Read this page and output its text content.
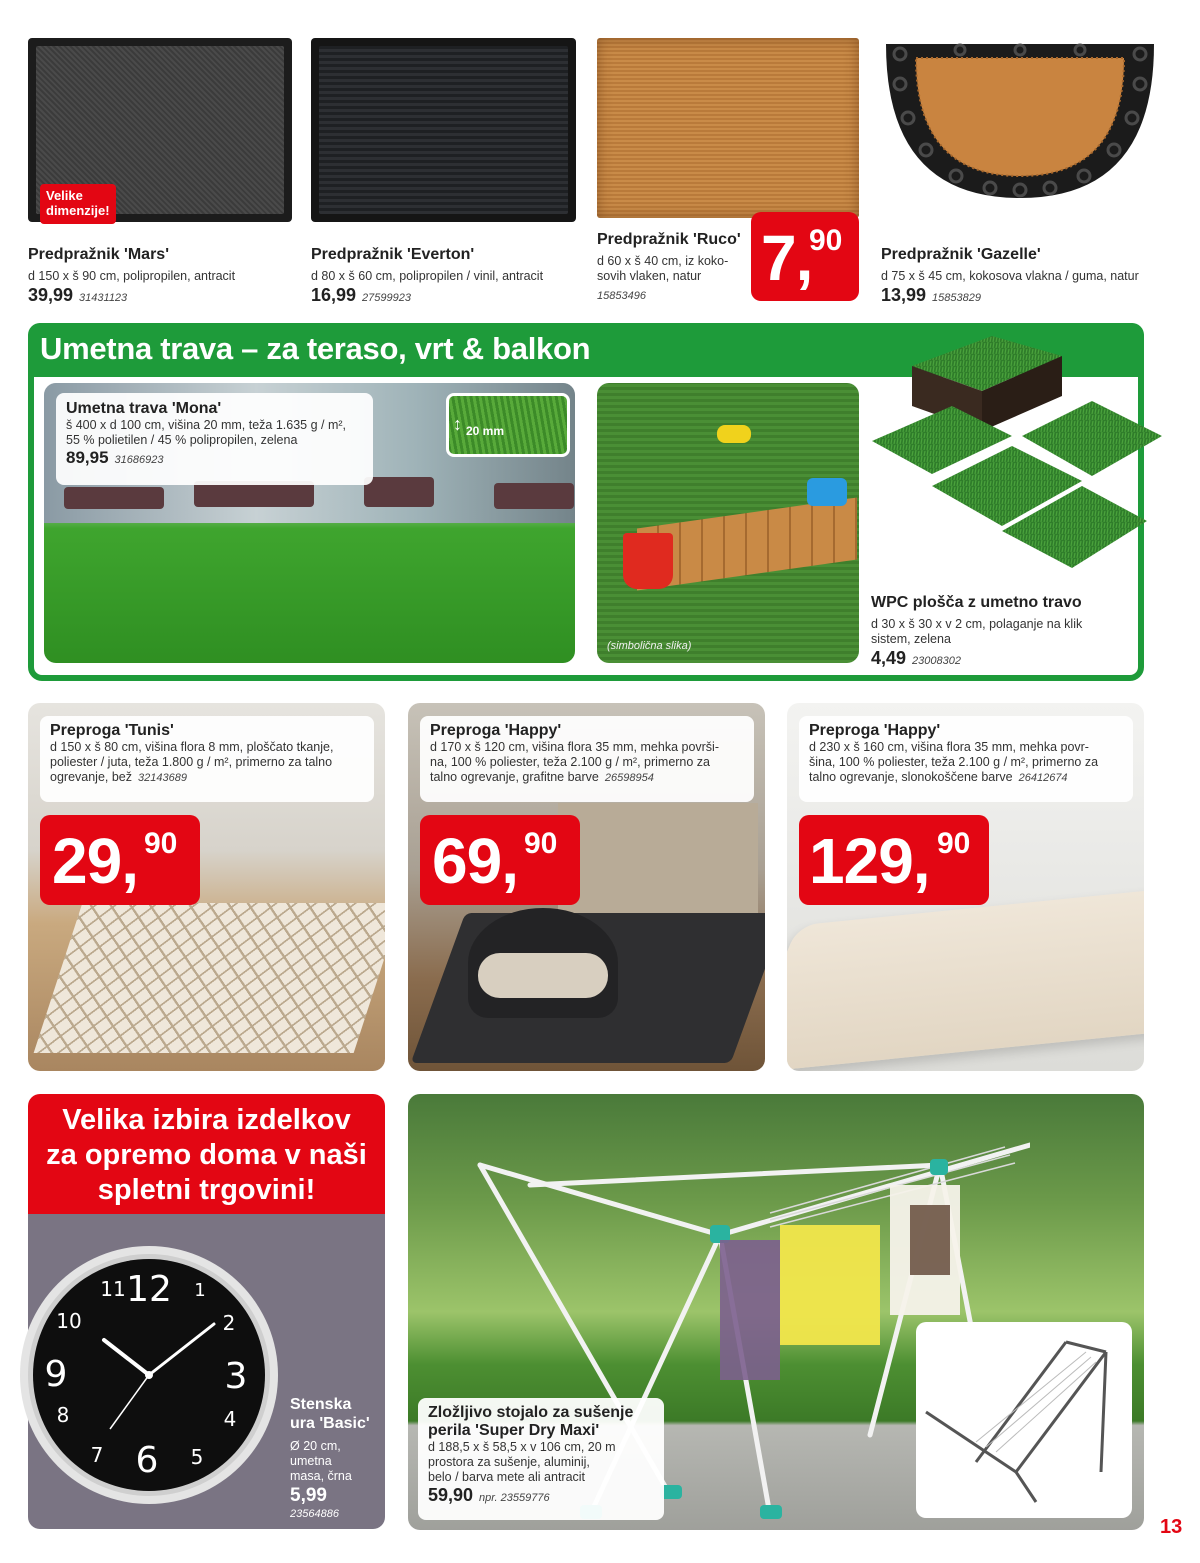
Velike dimenzije!
Predpražnik 'Mars'
d 150 x š 90 cm, polipropilen, antracit
39,99 31431123
Predpražnik 'Everton'
d 80 x š 60 cm, polipropilen / vinil, antracit
16,99 27599923
Predpražnik 'Ruco'
d 60 x š 40 cm, iz koko-
sovih vlaken, natur
15853496
7,
90 Predpražnik 'Gazelle'
d 75 x š 45 cm, kokosova vlakna / guma, natur
13,99 15853829
Umetna trava – za teraso, vrt & balkon
Umetna trava 'Mona'
š 400 x d 100 cm, višina 20 mm, teža 1.635 g / m²,
55 % polietilen / 45 % polipropilen, zelena
89,95 31686923
↕ 20 mm
(simbolična slika)
WPC plošča z umetno travo
d 30 x š 30 x v 2 cm, polaganje na klik
sistem, zelena
4,49 23008302
Preproga 'Tunis'
d 150 x š 80 cm, višina flora 8 mm, ploščato tkanje,
poliester / juta, teža 1.800 g / m², primerno za talno
ogrevanje, bež 32143689
29, 90
Preproga 'Happy'
d 170 x š 120 cm, višina flora 35 mm, mehka površi-
na, 100 % poliester, teža 2.100 g / m², primerno za
talno ogrevanje, grafitne barve 26598954
69, 90
Preproga 'Happy'
d 230 x š 160 cm, višina flora 35 mm, mehka povr-
šina, 100 % poliester, teža 2.100 g / m², primerno za
talno ogrevanje, slonokoščene barve 26412674
129, 90
Velika izbira izdelkov
za opremo doma v naši
spletni trgovini!
12
11	1
10	2
9	3
8	4
7 6 5
Stenska
ura 'Basic'
Ø 20 cm,
umetna
masa, črna
5,99
23564886
Zložljivo stojalo za sušenje
perila 'Super Dry Maxi'
d 188,5 x š 58,5 x v 106 cm, 20 m
prostora za sušenje, aluminij,
belo / barva mete ali antracit
59,90 npr. 23559776
13
